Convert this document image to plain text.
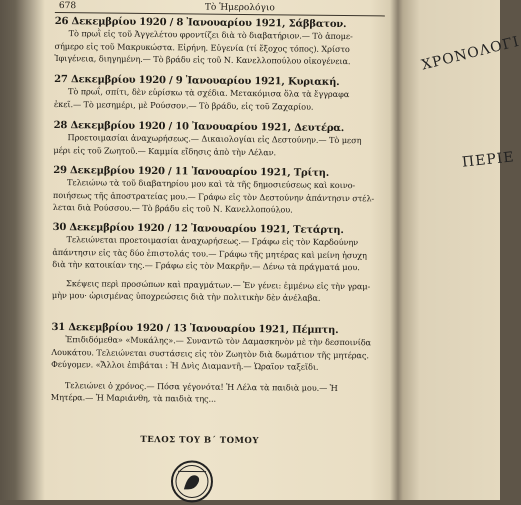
678	Τὸ Ἡμερολόγιο
26 Δεκεμβρίου 1920 / 8 Ἰανουαρίου 1921, Σάββατον.
Τὸ πρωῒ εἰς τοῦ Ἀγγελέτου φροντίζει διὰ τὸ διαβατήριον.— Τὸ ἀπομε-
σήμερο εἰς τοῦ Μακρυκώστα. Εἰρήνη. Εὐγενία (τί ἔξοχος τόπος). Χρίστο
Ἰφιγένεια, διηγημένη.— Τὸ βράδυ εἰς τοῦ Ν. Κανελλοπούλου οἰκογένεια.
27 Δεκεμβρίου 1920 / 9 Ἰανουαρίου 1921, Κυριακή.
Τὸ πρωΐ, σπίτι, δὲν εὑρίσκω τὰ σχέδια. Μετακόμισα ὅλα τὰ ἔγγραφα
ἐκεῖ.— Τὸ μεσημέρι, μὲ Ρούσσον.— Τὸ βράδυ, εἰς τοῦ Ζαχαρίου.
28 Δεκεμβρίου 1920 / 10 Ἰανουαρίου 1921, Δευτέρα.
Προετοιμασίαι ἀναχωρήσεως.— Δικαιολογίαι εἰς Δεστούνην.— Τὸ μεση
μέρι εἰς τοῦ Ζωητοῦ.— Καμμία εἴδησις ἀπὸ τὴν Λέλαν.
29 Δεκεμβρίου 1920 / 11 Ἰανουαρίου 1921, Τρίτη.
Τελειώνω τὰ τοῦ διαβατηρίου μου καὶ τὰ τῆς δημοσιεύσεως καὶ κοινο-
ποιήσεως τῆς ἀποστρατείας μου.— Γράφω εἰς τὸν Δεστούνην ἀπάντησιν στέλ-
λεται διὰ Ρούσσου.— Τὸ βράδυ εἰς τοῦ Ν. Κανελλοπούλου.
30 Δεκεμβρίου 1920 / 12 Ἰανουαρίου 1921, Τετάρτη.
Τελειώνεται προετοιμασίαι ἀναχωρήσεως.— Γράφω εἰς τὸν Καρδούνην
ἀπάντησιν εἰς τὰς δύο ἐπιστολάς του.— Γράφω τῆς μητέρας καὶ μείνη ἡσυχη
διὰ τὴν κατοικίαν της.— Γράφω εἰς τὸν Μακρῆν.— Δένω τὰ πράγματά μου.
Σκέψεις περὶ προσώπων καὶ πραγμάτων.— Ἐν γένει: ἐμμένω εἰς τὴν γραμ-
μὴν μου· ὡρισμένας ὑποχρεώσεις διὰ τὴν πολιτικὴν δὲν ἀνέλαβα.
31 Δεκεμβρίου 1920 / 13 Ἰανουαρίου 1921, Πέμπτη.
Ἐπιδιδόμεθα» «Μυκάλης».— Συναντῶ τὸν Δαμασκηνὸν μὲ τὴν δεσποινίδα
Λουκάτου. Τελειώνεται συστάσεις εἰς τὸν Ζωητὸν διὰ δωμάτιον τῆς μητέρας.
Φεύγομεν. «Ἄλλοι ἐπιβάται : Ἡ Δνὶς Διαμαντῆ.— Ὡραῖον ταξεῖδι.
Τελειώνει ὁ χρόνος.— Πόσα γέγονότα! Ἡ Λέλα τὰ παιδιὰ μου.— Ἡ
Μητέρα.— Ἡ Μαριάνθη, τὰ παιδιὰ της...
ΤΕΛΟΣ ΤΟΥ Β΄ ΤΟΜΟΥ
ΧΡΟΝΟΛΟΓΙ
ΠΕΡΙΕ
